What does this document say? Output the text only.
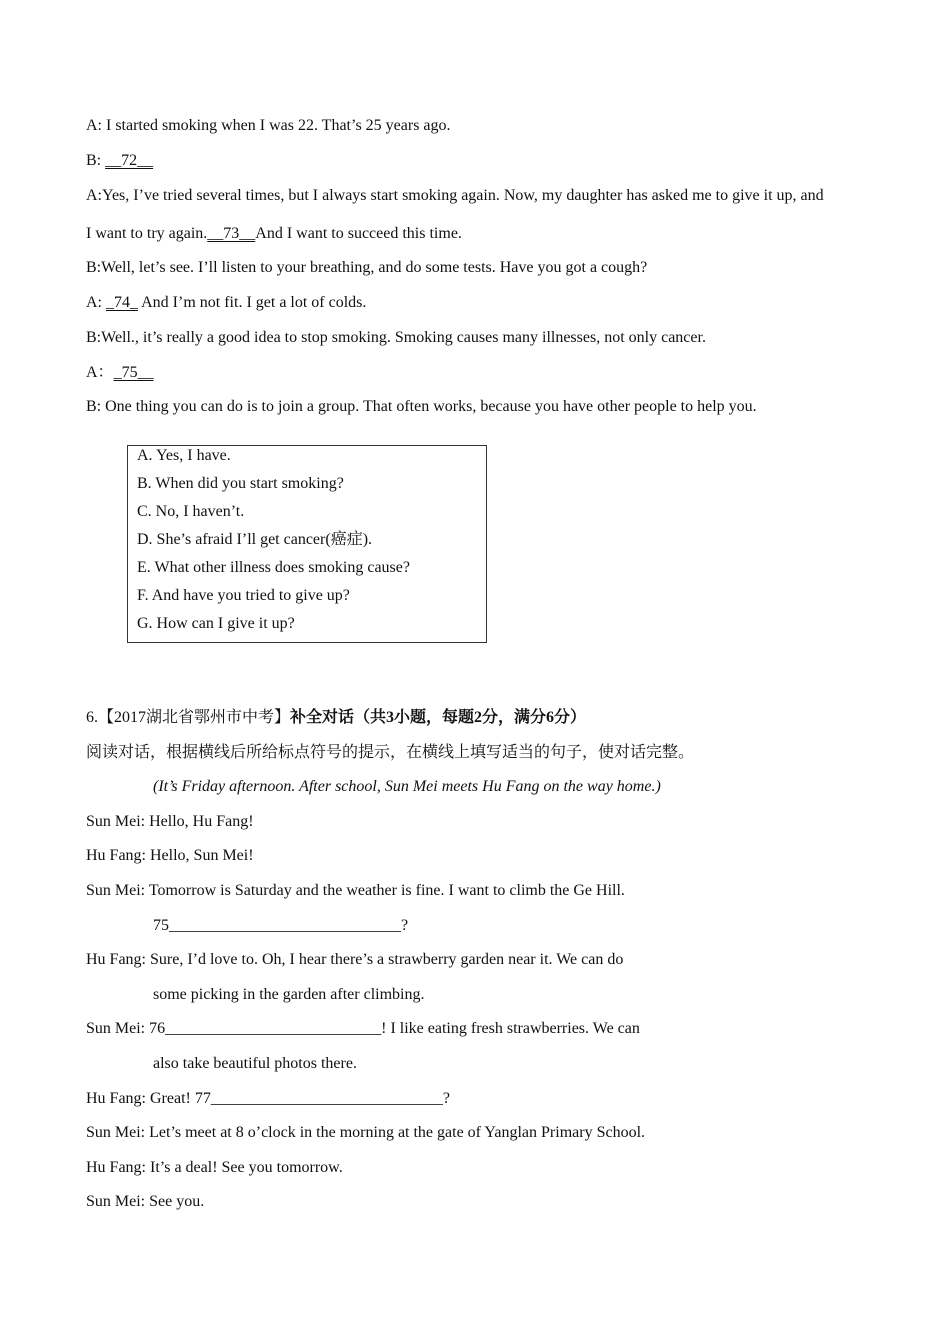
A: I started smoking when I was 22. That’s 25 years ago.
B: __72__
A:Yes, I’ve tried several times, but I always start smoking again. Now, my daughter has asked me to give it up, and
I want to try again.__73__And I want to succeed this time.
B:Well, let’s see. I’ll listen to your breathing, and do some tests. Have you got a cough?
A: _74_ And I’m not fit. I get a lot of colds.
B:Well., it’s really a good idea to stop smoking. Smoking causes many illnesses, not only cancer.
A：_75__
B: One thing you can do is to join a group. That often works, because you have other people to help you.
A. Yes, I have.
B. When did you start smoking?
C. No, I haven’t.
D. She’s afraid I’ll get cancer(癌症).
E. What other illness does smoking cause?
F. And have you tried to give up?
G. How can I give it up?
6.【2017湖北省鄂州市中考】补全对话（共3小题，每题2分，满分6分）
阅读对话，根据横线后所给标点符号的提示，在横线上填写适当的句子，使对话完整。
(It’s Friday afternoon. After school, Sun Mei meets Hu Fang on the way home.)
Sun Mei: Hello, Hu Fang!
Hu Fang: Hello, Sun Mei!
Sun Mei: Tomorrow is Saturday and the weather is fine. I want to climb the Ge Hill.
75_____________________________?
Hu Fang: Sure, I’d love to. Oh, I hear there’s a strawberry garden near it. We can do
some picking in the garden after climbing.
Sun Mei: 76___________________________! I like eating fresh strawberries. We can
also take beautiful photos there.
Hu Fang: Great! 77_____________________________?
Sun Mei: Let’s meet at 8 o’clock in the morning at the gate of Yanglan Primary School.
Hu Fang: It’s a deal! See you tomorrow.
Sun Mei: See you.
